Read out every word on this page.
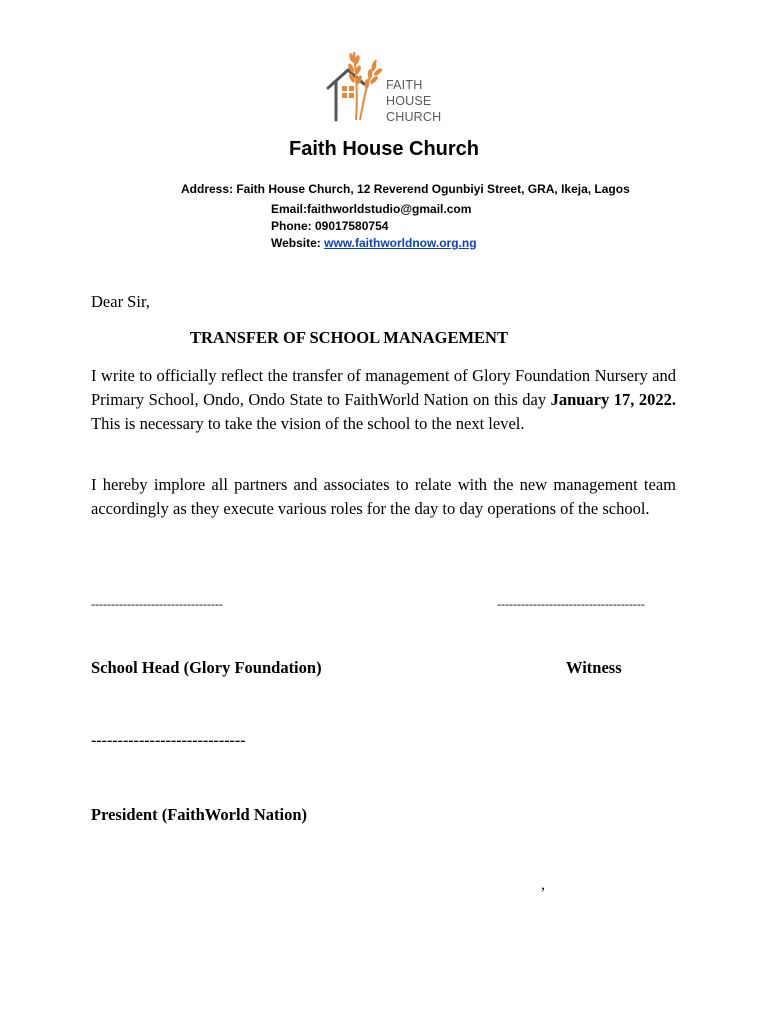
FAITH
HOUSE
CHURCH
Faith House Church
Address: Faith House Church, 12 Reverend Ogunbiyi Street, GRA, Ikeja, Lagos
Email:faithworldstudio@gmail.com
Phone: 09017580754
Website: www.faithworldnow.org.ng
Dear Sir,
TRANSFER OF SCHOOL MANAGEMENT
I write to officially reflect the transfer of management of Glory Foundation Nursery and Primary School, Ondo, Ondo State to FaithWorld Nation on this day January 17, 2022. This is necessary to take the vision of the school to the next level.
I hereby implore all partners and associates to relate with the new management team accordingly as they execute various roles for the day to day operations of the school.
---------------------------------	-------------------------------------
School Head (Glory Foundation)	Witness
-----------------------------
President (FaithWorld Nation)
,
